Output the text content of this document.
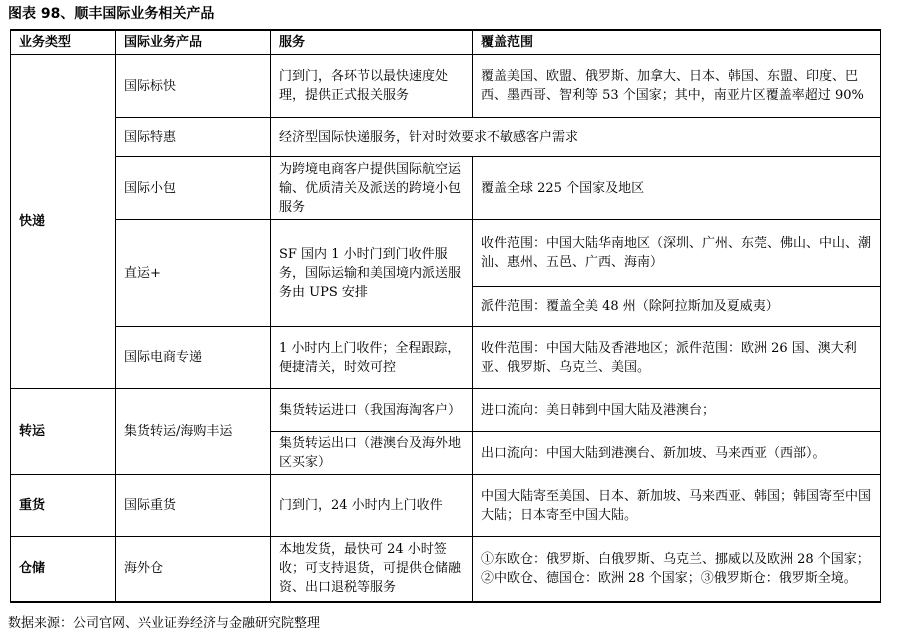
图表 98、顺丰国际业务相关产品
业务类型	国际业务产品	服务	覆盖范围
快递	国际标快	门到门，各环节以最快速度处理，提供正式报关服务	覆盖美国、欧盟、俄罗斯、加拿大、日本、韩国、东盟、印度、巴西、墨西哥、智利等 53 个国家；其中，南亚片区覆盖率超过 90%
	国际特惠	经济型国际快递服务，针对时效要求不敏感客户需求	
	国际小包	为跨境电商客户提供国际航空运输、优质清关及派送的跨境小包服务	覆盖全球 225 个国家及地区
	直运+	SF 国内 1 小时门到门收件服务，国际运输和美国境内派送服务由 UPS 安排	收件范围：中国大陆华南地区（深圳、广州、东莞、佛山、中山、潮汕、惠州、五邑、广西、海南）
			派件范围：覆盖全美 48 州（除阿拉斯加及夏威夷）
	国际电商专递	1 小时内上门收件；全程跟踪，便捷清关，时效可控	收件范围：中国大陆及香港地区；派件范围：欧洲 26 国、澳大利亚、俄罗斯、乌克兰、美国。
转运	集货转运/海购丰运	集货转运进口（我国海淘客户）	进口流向：美日韩到中国大陆及港澳台；
		集货转运出口（港澳台及海外地区买家）	出口流向：中国大陆到港澳台、新加坡、马来西亚（西部）。
重货	国际重货	门到门，24 小时内上门收件	中国大陆寄至美国、日本、新加坡、马来西亚、韩国；韩国寄至中国大陆；日本寄至中国大陆。
仓储	海外仓	本地发货，最快可 24 小时签收；可支持退货，可提供仓储融资、出口退税等服务	①东欧仓：俄罗斯、白俄罗斯、乌克兰、挪威以及欧洲 28 个国家；②中欧仓、德国仓：欧洲 28 个国家；③俄罗斯仓：俄罗斯全境。
数据来源：公司官网、兴业证券经济与金融研究院整理
